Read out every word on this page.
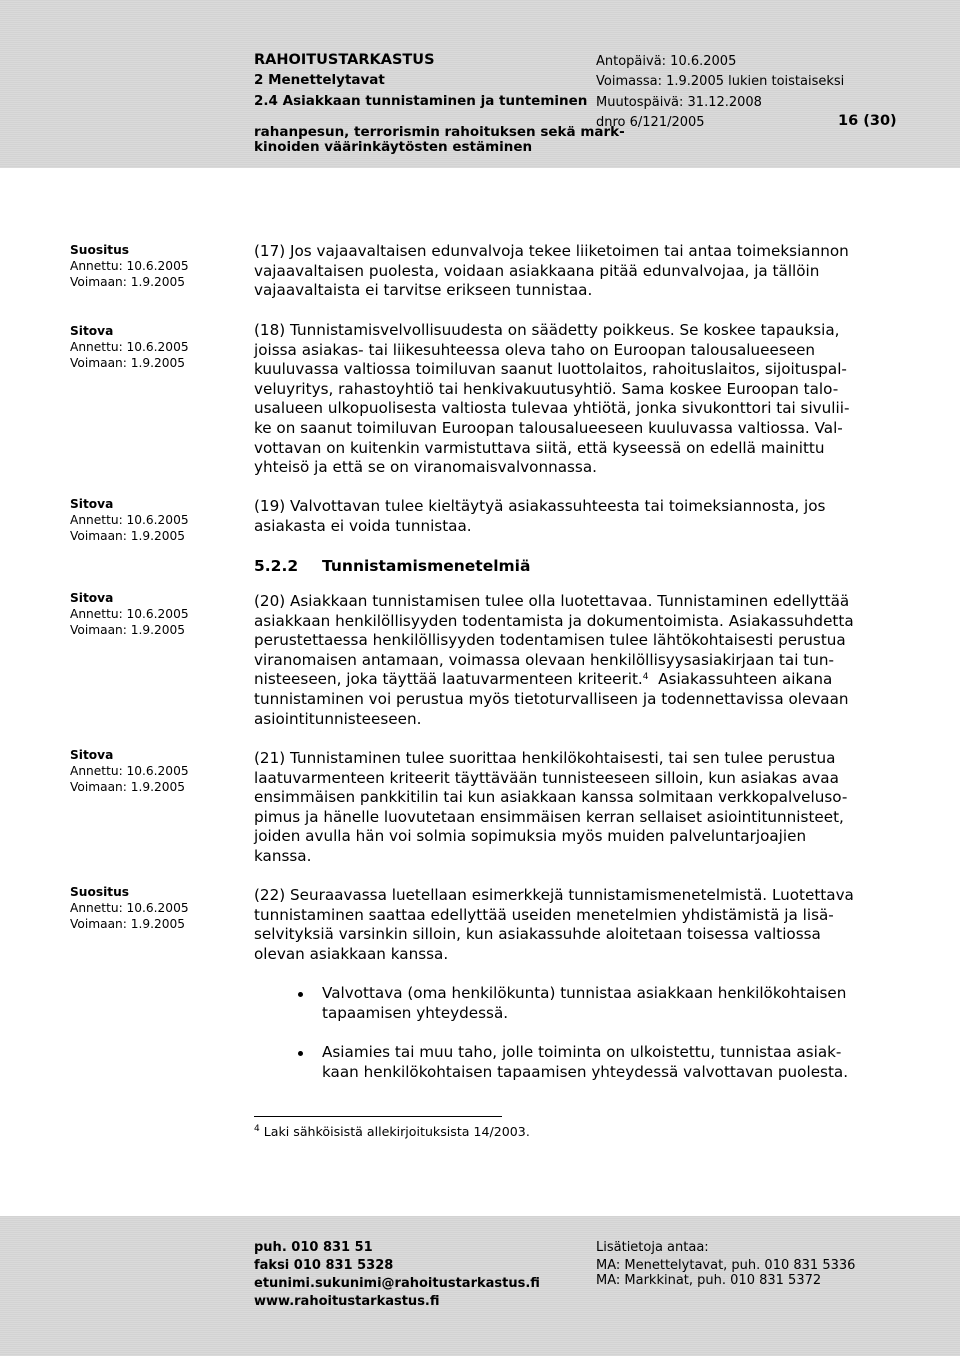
RAHOITUSTARKASTUS
2 Menettelytavat
2.4 Asiakkaan tunnistaminen ja tunteminen
rahanpesun, terrorismin rahoituksen sekä mark-
kinoiden väärinkäytösten estäminen
Antopäivä: 10.6.2005
Voimassa: 1.9.2005 lukien toistaiseksi
Muutospäivä: 31.12.2008
dnro 6/121/2005	16 (30)
Suositus
Annettu: 10.6.2005
Voimaan: 1.9.2005
Sitova
Annettu: 10.6.2005
Voimaan: 1.9.2005
Sitova
Annettu: 10.6.2005
Voimaan: 1.9.2005
Sitova
Annettu: 10.6.2005
Voimaan: 1.9.2005
Sitova
Annettu: 10.6.2005
Voimaan: 1.9.2005
Suositus
Annettu: 10.6.2005
Voimaan: 1.9.2005
(17) Jos vajaavaltaisen edunvalvoja tekee liiketoimen tai antaa toimeksiannon
vajaavaltaisen puolesta, voidaan asiakkaana pitää edunvalvojaa, ja tällöin
vajaavaltaista ei tarvitse erikseen tunnistaa.
(18) Tunnistamisvelvollisuudesta on säädetty poikkeus. Se koskee tapauksia,
joissa asiakas- tai liikesuhteessa oleva taho on Euroopan talousalueeseen
kuuluvassa valtiossa toimiluvan saanut luottolaitos, rahoituslaitos, sijoituspal-
veluyritys, rahastoyhtiö tai henkivakuutusyhtiö. Sama koskee Euroopan talo-
usalueen ulkopuolisesta valtiosta tulevaa yhtiötä, jonka sivukonttori tai sivulii-
ke on saanut toimiluvan Euroopan talousalueeseen kuuluvassa valtiossa. Val-
vottavan on kuitenkin varmistuttava siitä, että kyseessä on edellä mainittu
yhteisö ja että se on viranomaisvalvonnassa.
(19) Valvottavan tulee kieltäytyä asiakassuhteesta tai toimeksiannosta, jos
asiakasta ei voida tunnistaa.
5.2.2 Tunnistamismenetelmiä
(20) Asiakkaan tunnistamisen tulee olla luotettavaa. Tunnistaminen edellyttää
asiakkaan henkilöllisyyden todentamista ja dokumentoimista. Asiakassuhdetta
perustettaessa henkilöllisyyden todentamisen tulee lähtökohtaisesti perustua
viranomaisen antamaan, voimassa olevaan henkilöllisyysasiakirjaan tai tun-
nisteeseen, joka täyttää laatuvarmenteen kriteerit.$^4$ Asiakassuhteen aikana
tunnistaminen voi perustua myös tietoturvalliseen ja todennettavissa olevaan
asiointitunnisteeseen.
(21) Tunnistaminen tulee suorittaa henkilökohtaisesti, tai sen tulee perustua
laatuvarmenteen kriteerit täyttävään tunnisteeseen silloin, kun asiakas avaa
ensimmäisen pankkitilin tai kun asiakkaan kanssa solmitaan verkkopalveluso-
pimus ja hänelle luovutetaan ensimmäisen kerran sellaiset asiointitunnisteet,
joiden avulla hän voi solmia sopimuksia myös muiden palveluntarjoajien
kanssa.
(22) Seuraavassa luetellaan esimerkkejä tunnistamismenetelmistä. Luotettava
tunnistaminen saattaa edellyttää useiden menetelmien yhdistämistä ja lisä-
selvityksiä varsinkin silloin, kun asiakassuhde aloitetaan toisessa valtiossa
olevan asiakkaan kanssa.
Valvottava (oma henkilökunta) tunnistaa asiakkaan henkilökohtaisen
tapaamisen yhteydessä.
Asiamies tai muu taho, jolle toiminta on ulkoistettu, tunnistaa asiak-
kaan henkilökohtaisen tapaamisen yhteydessä valvottavan puolesta.
$^4$ Laki sähköisistä allekirjoituksista 14/2003.
puh. 010 831 51
faksi 010 831 5328
etunimi.sukunimi@rahoitustarkastus.fi
www.rahoitustarkastus.fi
Lisätietoja antaa:
MA: Menettelytavat, puh. 010 831 5336
MA: Markkinat, puh. 010 831 5372
